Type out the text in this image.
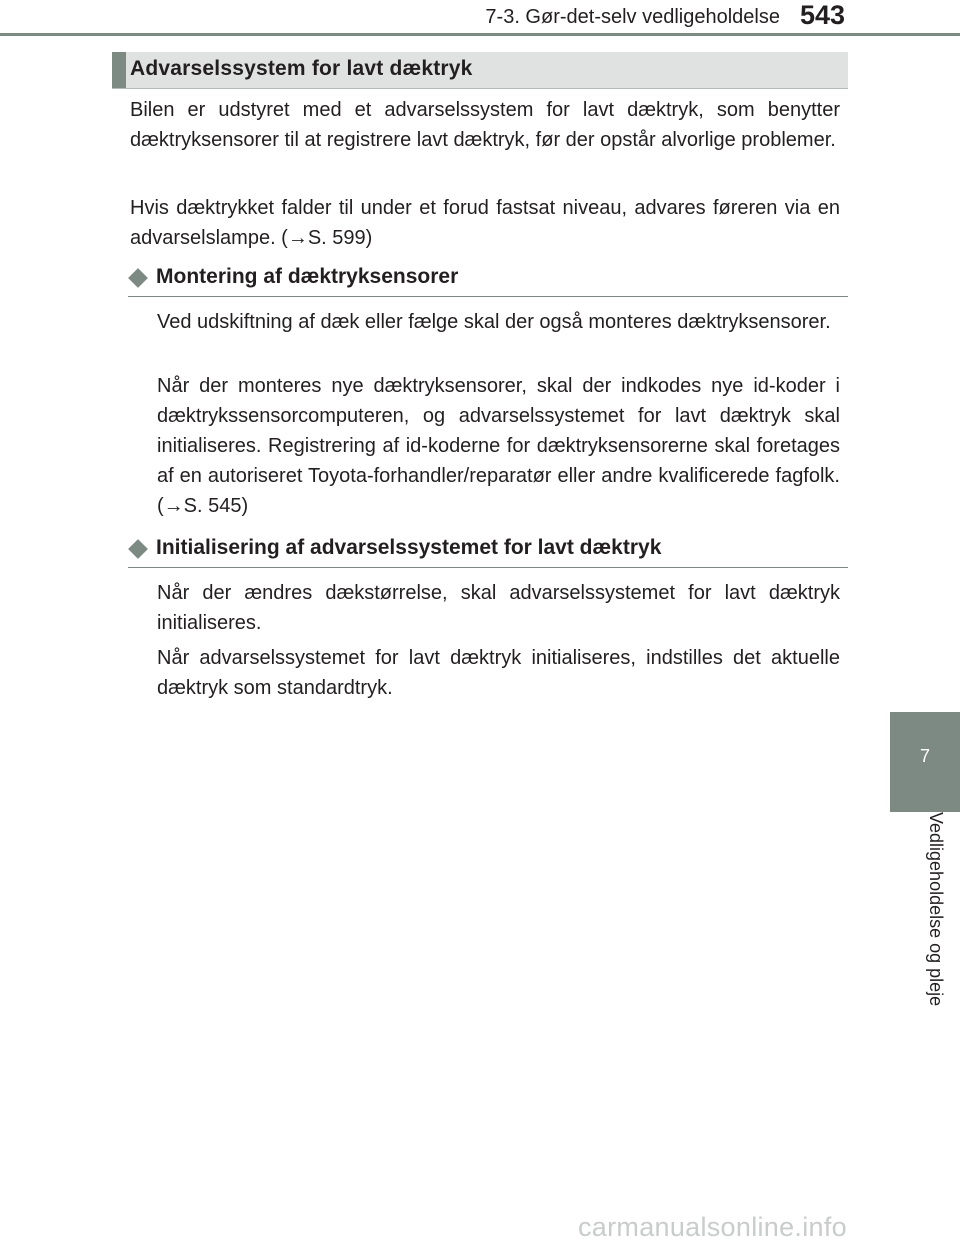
7-3. Gør-det-selv vedligeholdelse 543
7
Vedligeholdelse og pleje
Advarselssystem for lavt dæktryk

Bilen er udstyret med et advarselssystem for lavt dæktryk, som benytter dæktryksensorer til at registrere lavt dæktryk, før der opstår alvorlige problemer.

Hvis dæktrykket falder til under et forud fastsat niveau, advares føreren via en advarselslampe. (→S. 599)

Montering af dæktryksensorer

Ved udskiftning af dæk eller fælge skal der også monteres dæktryksensorer.

Når der monteres nye dæktryksensorer, skal der indkodes nye id-koder i dæktrykssensorcomputeren, og advarselssystemet for lavt dæktryk skal initialiseres. Registrering af id-koderne for dæktryksensorerne skal foretages af en autoriseret Toyota-forhandler/reparatør eller andre kvalificerede fagfolk. (→S. 545)

Initialisering af advarselssystemet for lavt dæktryk

Når der ændres dækstørrelse, skal advarselssystemet for lavt dæktryk initialiseres.

Når advarselssystemet for lavt dæktryk initialiseres, indstilles det aktuelle dæktryk som standardtryk.

carmanualsonline.info
